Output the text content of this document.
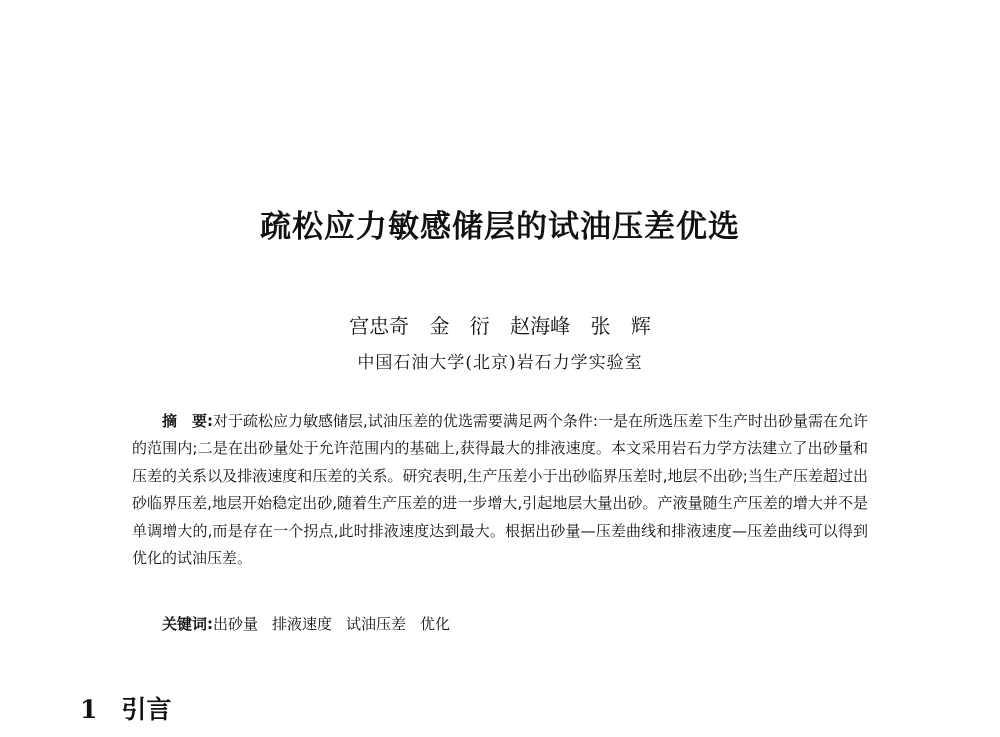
疏松应力敏感储层的试油压差优选
宫忠奇 金 衍 赵海峰 张 辉
中国石油大学(北京)岩石力学实验室

摘　要:对于疏松应力敏感储层,试油压差的优选需要满足两个条件:一是在所选压差下生产时出砂量需在允许的范围内;二是在出砂量处于允许范围内的基础上,获得最大的排液速度。本文采用岩石力学方法建立了出砂量和压差的关系以及排液速度和压差的关系。研究表明,生产压差小于出砂临界压差时,地层不出砂;当生产压差超过出砂临界压差,地层开始稳定出砂,随着生产压差的进一步增大,引起地层大量出砂。产液量随生产压差的增大并不是单调增大的,而是存在一个拐点,此时排液速度达到最大。根据出砂量—压差曲线和排液速度—压差曲线可以得到优化的试油压差。

关键词:出砂量 排液速度 试油压差 优化
1 引言
